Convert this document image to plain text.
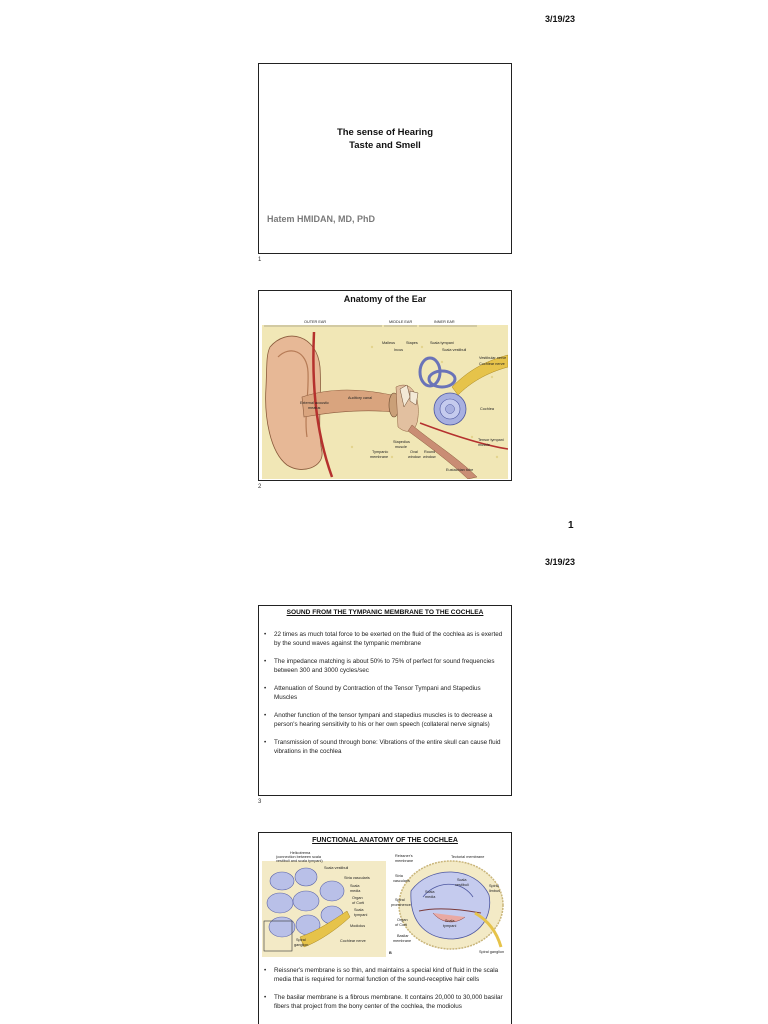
3/19/23
The sense of Hearing
Taste and Smell
Hatem HMIDAN, MD, PhD
1
Anatomy of the Ear
OUTER EAR	MIDDLE EAR	INNER EAR
Malleus	Stapes
Incus
Scala tympani
Scala vestibuli
Vestibular nerve
Cochlear nerve
Cochlea
Auditory canal
External acoustic
meatus
Stapedius
muscle
Tympanic
membrane
Oval
window
Round
window
Tensor tympani
muscle
Eustachian tube
2
1
3/19/23
SOUND FROM THE TYMPANIC MEMBRANE TO THE COCHLEA
• 22 times as much total force to be exerted on the fluid of the cochlea as is exerted by the sound waves against the tympanic membrane
• The impedance matching is about 50% to 75% of perfect for sound frequencies between 300 and 3000 cycles/sec
• Attenuation of Sound by Contraction of the Tensor Tympani and Stapedius Muscles
• Another function of the tensor tympani and stapedius muscles is to decrease a person's hearing sensitivity to his or her own speech (collateral nerve signals)
• Transmission of sound through bone: Vibrations of the entire skull can cause fluid vibrations in the cochlea
3
FUNCTIONAL ANATOMY OF THE COCHLEA
Helicotrema
(connection between scala
vestibuli and scala tympani)
Scala vestibuli
Stria vascularis
Scala
media
Organ
of Corti
Scala
tympani
Modiolus
Spiral
ganglion
Cochlear nerve
Reissner's
membrane
Tectorial membrane
Stria
vascularis
Scala
media
Scala
vestibuli	Spiral
limbus
Spiral
prominence
Organ
of Corti
Scala
tympani
Basilar
membrane
Spiral ganglion
B
• Reissner's membrane is so thin, and maintains a special kind of fluid in the scala media that is required for normal function of the sound-receptive hair cells
• The basilar membrane is a fibrous membrane. It contains 20,000 to 30,000 basilar fibers that project from the bony center of the cochlea, the modiolus
